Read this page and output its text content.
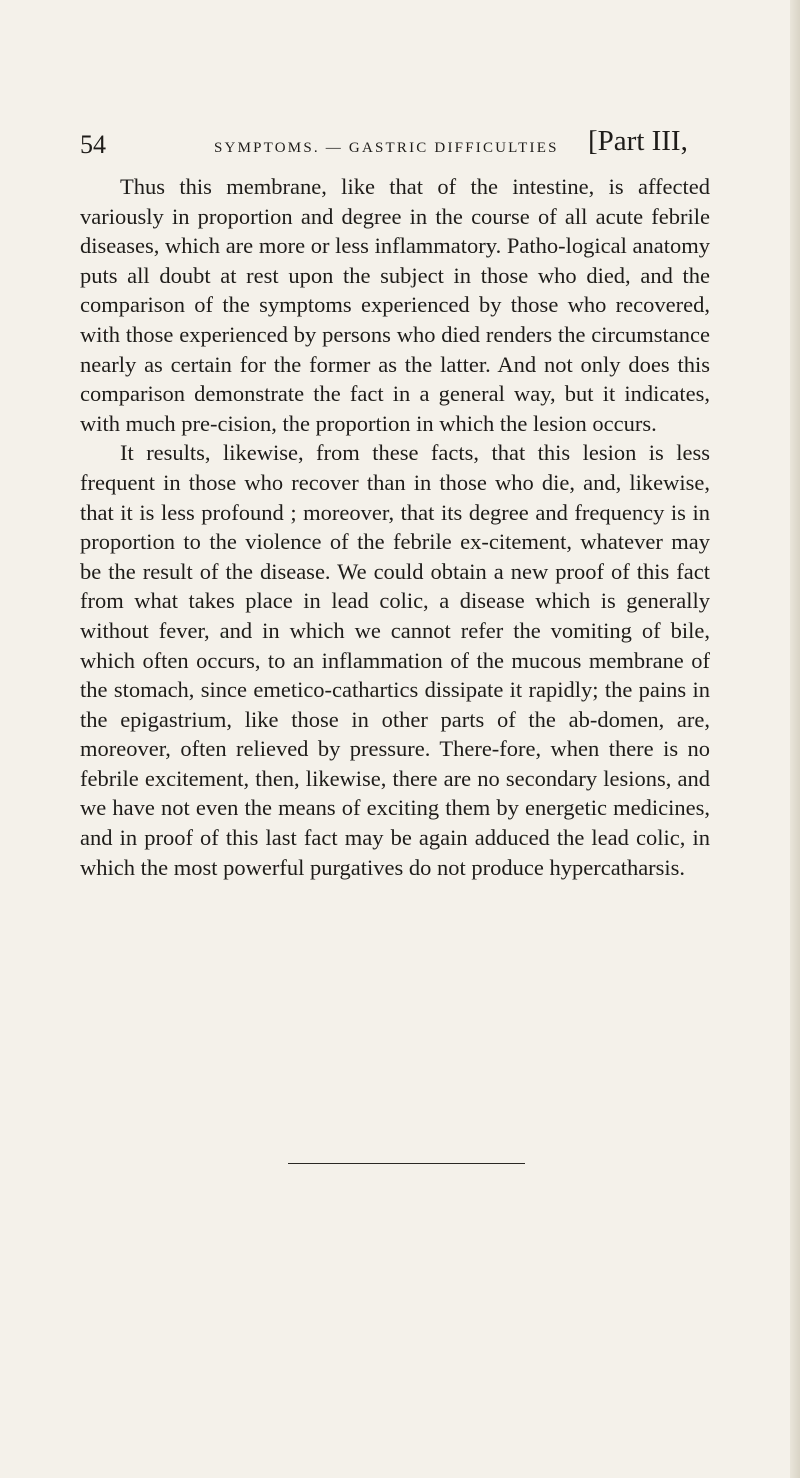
54	SYMPTOMS. — GASTRIC DIFFICULTIES [Part III,

Thus this membrane, like that of the intestine, is affected variously in proportion and degree in the course of all acute febrile diseases, which are more or less inflammatory. Patho-logical anatomy puts all doubt at rest upon the subject in those who died, and the comparison of the symptoms experienced by those who recovered, with those experienced by persons who died renders the circumstance nearly as certain for the former as the latter. And not only does this comparison demonstrate the fact in a general way, but it indicates, with much pre-cision, the proportion in which the lesion occurs.

It results, likewise, from these facts, that this lesion is less frequent in those who recover than in those who die, and, likewise, that it is less profound ; moreover, that its degree and frequency is in proportion to the violence of the febrile ex-citement, whatever may be the result of the disease. We could obtain a new proof of this fact from what takes place in lead colic, a disease which is generally without fever, and in which we cannot refer the vomiting of bile, which often occurs, to an inflammation of the mucous membrane of the stomach, since emetico-cathartics dissipate it rapidly; the pains in the epigastrium, like those in other parts of the ab-domen, are, moreover, often relieved by pressure. There-fore, when there is no febrile excitement, then, likewise, there are no secondary lesions, and we have not even the means of exciting them by energetic medicines, and in proof of this last fact may be again adduced the lead colic, in which the most powerful purgatives do not produce hypercatharsis.
